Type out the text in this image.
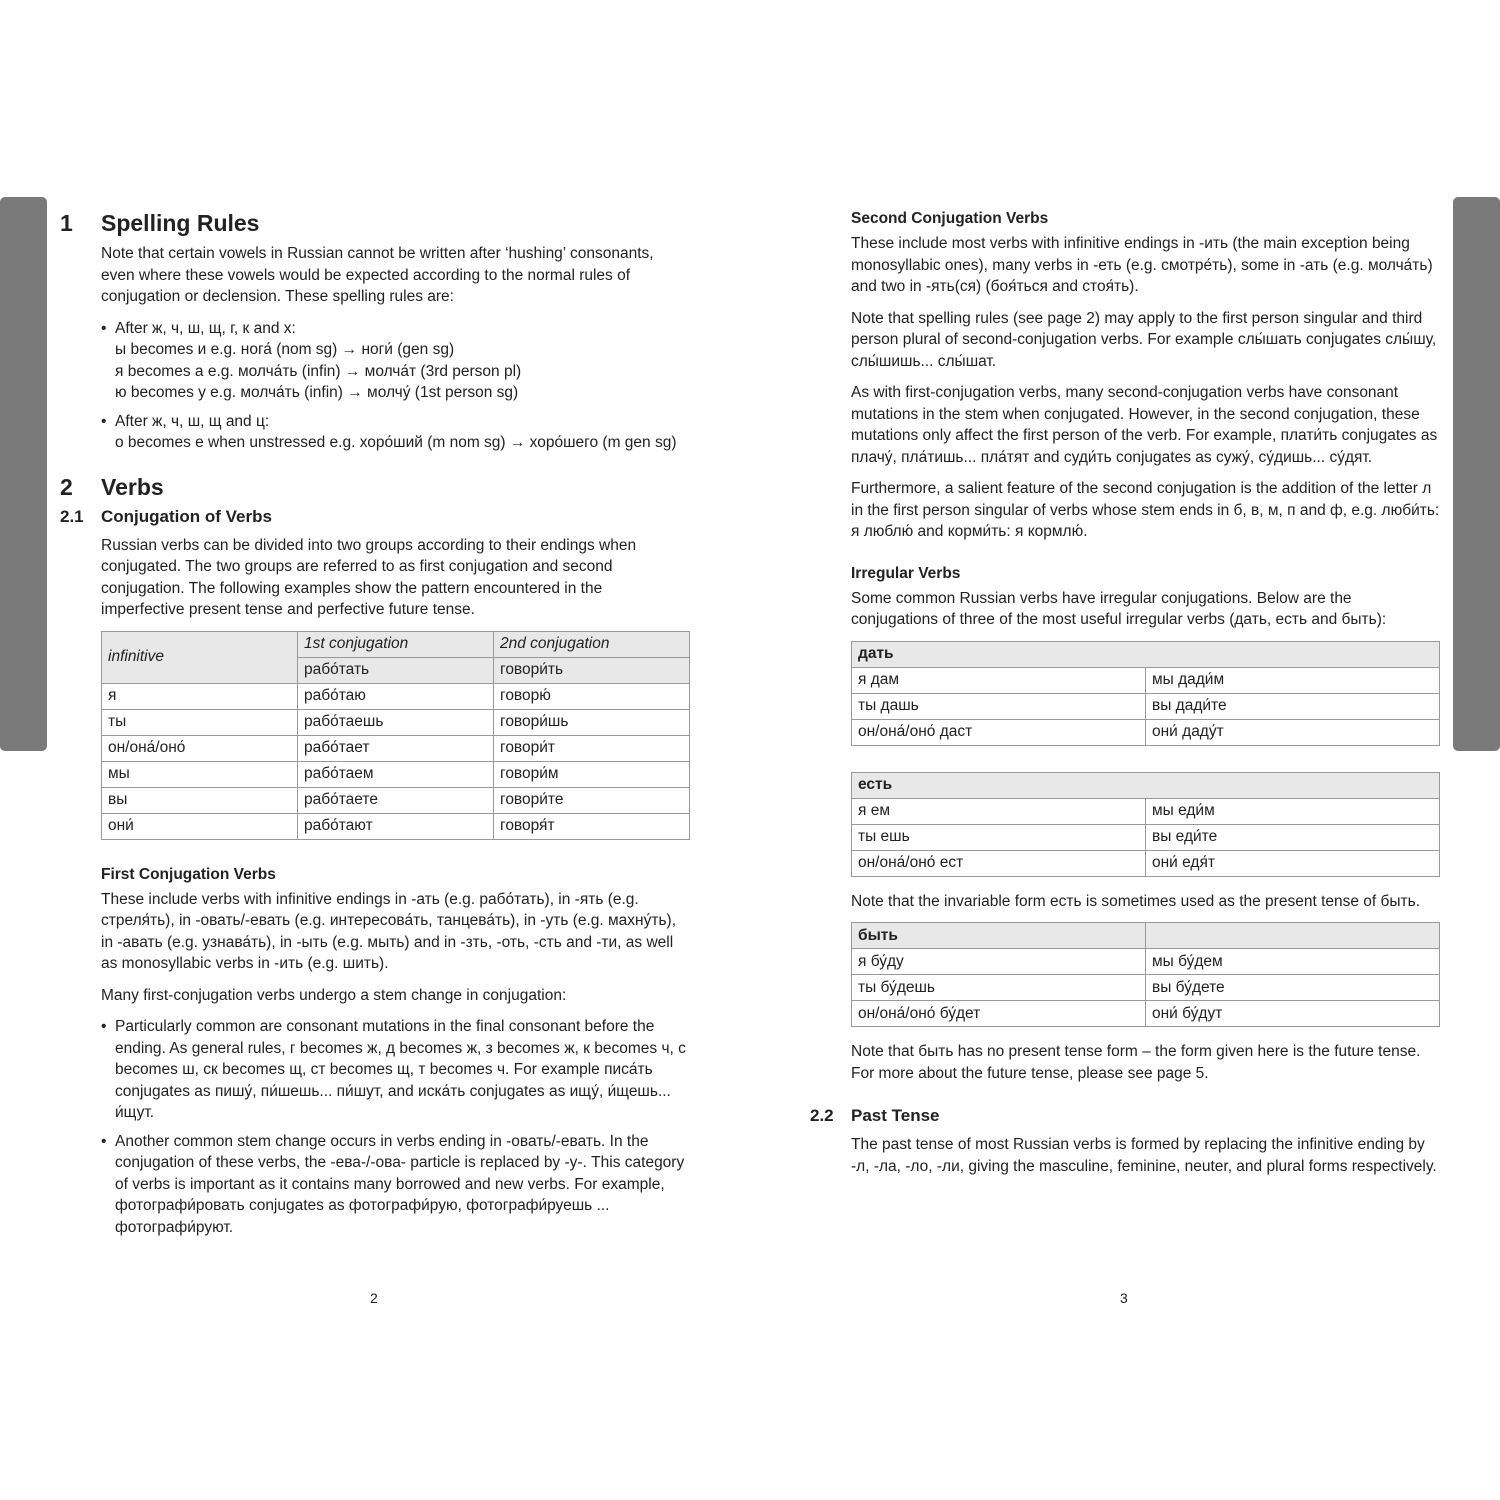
1 Spelling Rules

Note that certain vowels in Russian cannot be written after ‘hushing’ consonants, even where these vowels would be expected according to the normal rules of conjugation or declension. These spelling rules are:

• After ж, ч, ш, щ, г, к and х:
ы becomes и e.g. нога́ (nom sg) → ноги́ (gen sg)
я becomes а e.g. молча́ть (infin) → молча́т (3rd person pl)
ю becomes у e.g. молча́ть (infin) → молчу́ (1st person sg)
• After ж, ч, ш, щ and ц:
о becomes е when unstressed e.g. хоро́ший (m nom sg) → хоро́шего (m gen sg)
2 Verbs
2.1 Conjugation of Verbs

Russian verbs can be divided into two groups according to their endings when conjugated. The two groups are referred to as first conjugation and second conjugation. The following examples show the pattern encountered in the imperfective present tense and perfective future tense.

infinitive	1st conjugation	2nd conjugation
	рабо́тать	говори́ть
я	рабо́таю	говорю́
ты	рабо́таешь	говори́шь
он/она́/оно́	рабо́тает	говори́т
мы	рабо́таем	говори́м
вы	рабо́таете	говори́те
они́	рабо́тают	говоря́т
First Conjugation Verbs

These include verbs with infinitive endings in -ать (e.g. рабо́тать), in -ять (e.g. стреля́ть), in -овать/-евать (e.g. интересова́ть, танцева́ть), in -уть (e.g. махну́ть), in -авать (e.g. узнава́ть), in -ыть (e.g. мыть) and in -зть, -оть, -сть and -ти, as well as monosyllabic verbs in -ить (e.g. шить).

Many first-conjugation verbs undergo a stem change in conjugation:

• Particularly common are consonant mutations in the final consonant before the ending. As general rules, г becomes ж, д becomes ж, з becomes ж, к becomes ч, с becomes ш, ск becomes щ, ст becomes щ, т becomes ч. For example писа́ть conjugates as пишу́, пи́шешь... пи́шут, and иска́ть conjugates as ищу́, и́щешь... и́щут.
• Another common stem change occurs in verbs ending in -овать/-евать. In the conjugation of these verbs, the -ева-/-ова- particle is replaced by -у-. This category of verbs is important as it contains many borrowed and new verbs. For example, фотографи́ровать conjugates as фотографи́рую, фотографи́руешь ... фотографи́руют.
2
Second Conjugation Verbs

These include most verbs with infinitive endings in -ить (the main exception being monosyllabic ones), many verbs in -еть (e.g. смотре́ть), some in -ать (e.g. молча́ть) and two in -ять(ся) (боя́ться and стоя́ть).

Note that spelling rules (see page 2) may apply to the first person singular and third person plural of second-conjugation verbs. For example слы́шать conjugates слы́шу, слы́шишь... слы́шат.

As with first-conjugation verbs, many second-conjugation verbs have consonant mutations in the stem when conjugated. However, in the second conjugation, these mutations only affect the first person of the verb. For example, плати́ть conjugates as плачу́, пла́тишь... пла́тят and суди́ть conjugates as сужу́, су́дишь... су́дят.

Furthermore, a salient feature of the second conjugation is the addition of the letter л in the first person singular of verbs whose stem ends in б, в, м, п and ф, e.g. люби́ть: я люблю́ and корми́ть: я кормлю́.

Irregular Verbs

Some common Russian verbs have irregular conjugations. Below are the conjugations of three of the most useful irregular verbs (дать, есть and быть):

дать	
я дам	мы дади́м
ты дашь	вы дади́те
он/она́/оно́ даст	они́ даду́т
есть	
я ем	мы еди́м
ты ешь	вы еди́те
он/она́/оно́ ест	они́ едя́т

Note that the invariable form есть is sometimes used as the present tense of быть.

быть	
я бу́ду	мы бу́дем
ты бу́дешь	вы бу́дете
он/она́/оно́ бу́дет	они́ бу́дут

Note that быть has no present tense form – the form given here is the future tense. For more about the future tense, please see page 5.

2.2 Past Tense

The past tense of most Russian verbs is formed by replacing the infinitive ending by -л, -ла, -ло, -ли, giving the masculine, feminine, neuter, and plural forms respectively.

3
